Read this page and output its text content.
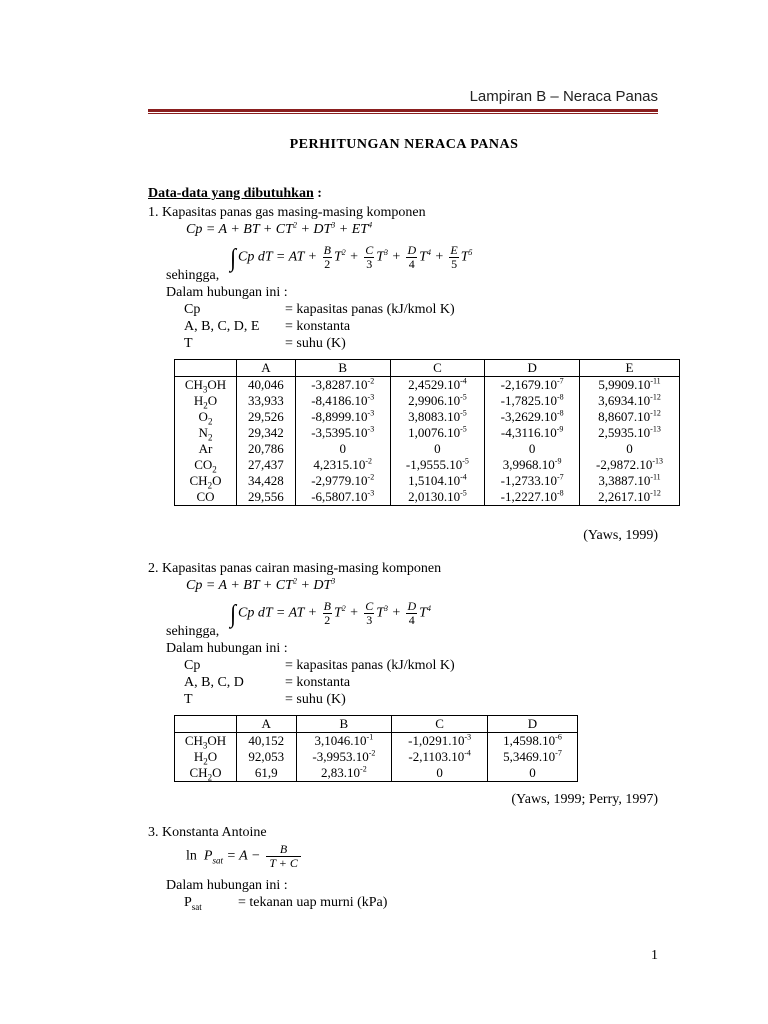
Lampiran B – Neraca Panas
PERHITUNGAN NERACA PANAS
Data-data yang dibutuhkan :
1. Kapasitas panas gas masing-masing komponen
Cp = A + BT + $CT^2 + DT^3 + ET^4$
∫ Cp dT = AT + $\frac{B}{2} T^2 + \frac{C}{3} T^3 + \frac{D}{4} T^4 + \frac{E}{5} T^5$
sehingga,
Dalam hubungan ini :
Cp	= kapasitas panas (kJ/kmol K)
A, B, C, D, E = konstanta
T	= suhu (K)
	A	B	C	D	E
$CH_3OH$	40,046	$-3,8287.10^{-2}$	$2,4529.10^{-4}$	$-2,1679.10^{-7}$	$5,9909.10^{-11}$
$H_2O$	33,933	$-8,4186.10^{-3}$	$2,9906.10^{-5}$	$-1,7825.10^{-8}$	$3,6934.10^{-12}$
$O_2$	29,526	$-8,8999.10^{-3}$	$3,8083.10^{-5}$	$-3,2629.10^{-8}$	$8,8607.10^{-12}$
$N_2$	29,342	$-3,5395.10^{-3}$	$1,0076.10^{-5}$	$-4,3116.10^{-9}$	$2,5935.10^{-13}$
Ar	20,786	0	0	0	0
$CO_2$	27,437	$4,2315.10^{-2}$	$-1,9555.10^{-5}$	$3,9968.10^{-9}$	$-2,9872.10^{-13}$
$CH_2O$	34,428	$-2,9779.10^{-2}$	$1,5104.10^{-4}$	$-1,2733.10^{-7}$	$3,3887.10^{-11}$
CO	29,556	$-6,5807.10^{-3}$	$2,0130.10^{-5}$	$-1,2227.10^{-8}$	$2,2617.10^{-12}$
(Yaws, 1999)
2. Kapasitas panas cairan masing-masing komponen
Cp = A + BT + $CT^2 + DT^3$
∫ Cp dT = AT + $\frac{B}{2} T^2 + \frac{C}{3} T^3 + \frac{D}{4} T^4$
sehingga,
Dalam hubungan ini :
Cp	= kapasitas panas (kJ/kmol K)
A, B, C, D	= konstanta
T	= suhu (K)
	A	B	C	D
$CH_3OH$	40,152	$3,1046.10^{-1}$	$-1,0291.10^{-3}$	$1,4598.10^{-6}$
$H_2O$	92,053	$-3,9953.10^{-2}$	$-2,1103.10^{-4}$	$5,3469.10^{-7}$
$CH_2O$	61,9	$2,83.10^{-2}$	0	0
(Yaws, 1999; Perry, 1997)
3. Konstanta Antoine
$\ln P_{sat} = A - \frac{B}{T + C}$
Dalam hubungan ini :
$P_{sat}$	= tekanan uap murni (kPa)
1
